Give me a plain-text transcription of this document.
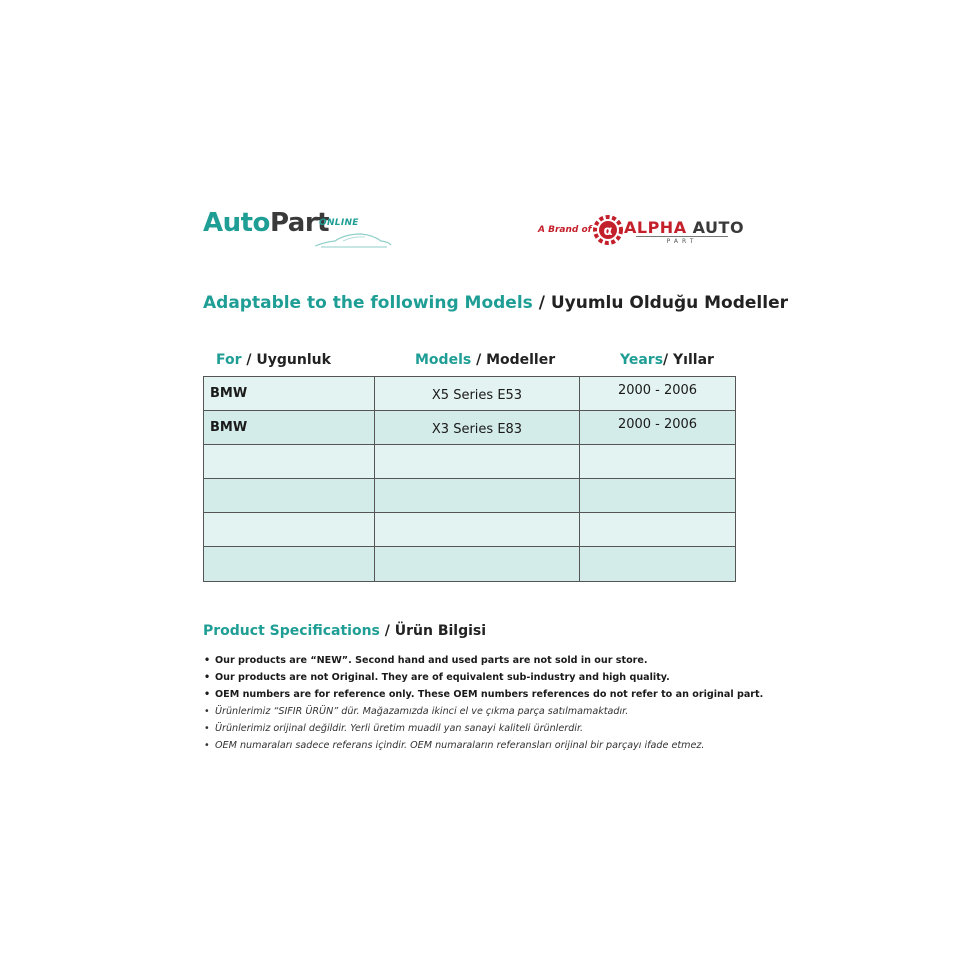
AutoPart
ONLINE
A Brand of α ALPHA AUTO
PART
Adaptable to the following Models / Uyumlu Olduğu Modeller
For / Uygunluk	Models / Modeller	Years/ Yıllar
BMW	X5 Series E53	2000 - 2006
BMW	X3 Series E83	2000 - 2006
Product Specifications / Ürün Bilgisi
• Our products are “NEW”. Second hand and used parts are not sold in our store.
• Our products are not Original. They are of equivalent sub-industry and high quality.
• OEM numbers are for reference only. These OEM numbers references do not refer to an original part.
• Ürünlerimiz “SIFIR ÜRÜN” dür. Mağazamızda ikinci el ve çıkma parça satılmamaktadır.
• Ürünlerimiz orijinal değildir. Yerli üretim muadil yan sanayi kaliteli ürünlerdir.
• OEM numaraları sadece referans içindir. OEM numaraların referansları orijinal bir parçayı ifade etmez.
